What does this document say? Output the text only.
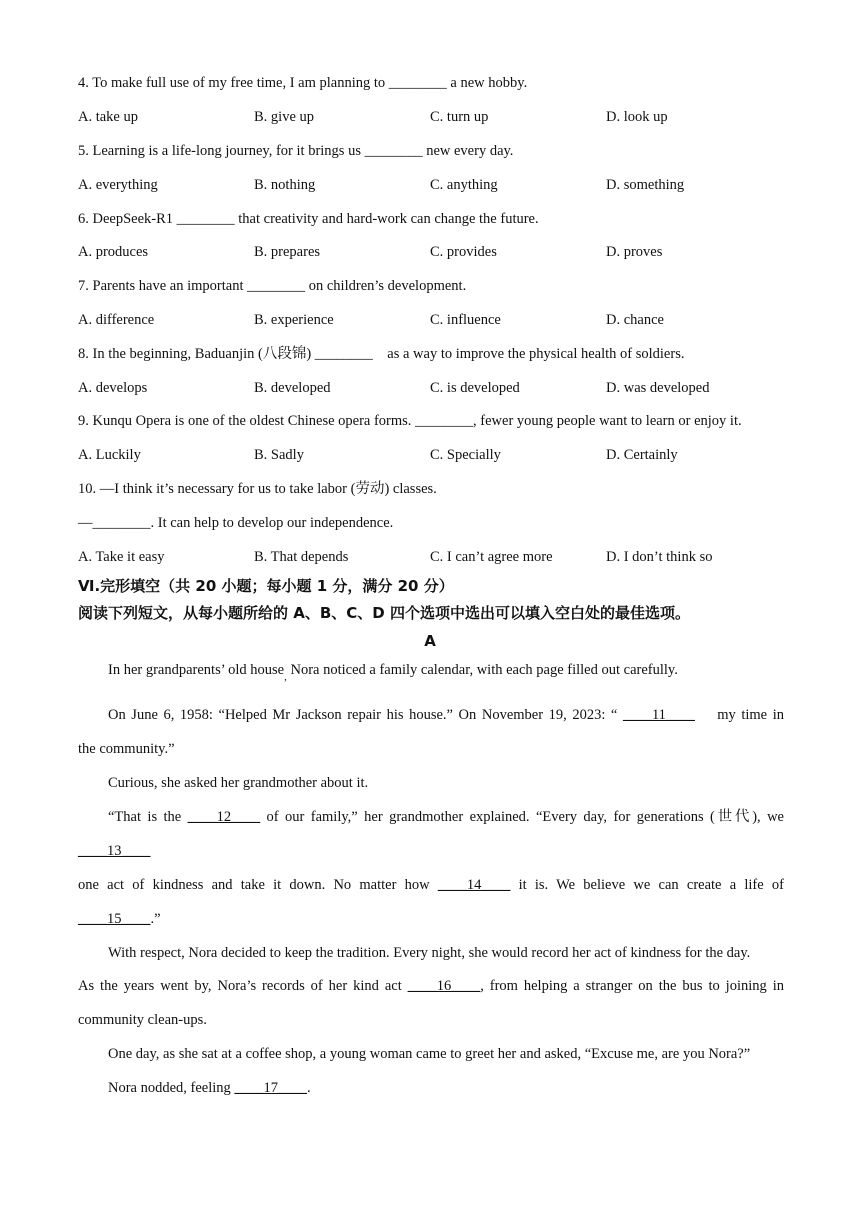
4. To make full use of my free time, I am planning to ________ a new hobby.
A. take up	B. give up	C. turn up	D. look up
5. Learning is a life-long journey, for it brings us ________ new every day.
A. everything	B. nothing	C. anything	D. something
6. DeepSeek-R1 ________ that creativity and hard-work can change the future.
A. produces	B. prepares	C. provides	D. proves
7. Parents have an important ________ on children’s development.
A. difference	B. experience	C. influence	D. chance
8. In the beginning, Baduanjin (八段锦) ________    as a way to improve the physical health of soldiers.
A. develops	B. developed	C. is developed	D. was developed
9. Kunqu Opera is one of the oldest Chinese opera forms. ________, fewer young people want to learn or enjoy it.
A. Luckily	B. Sadly	C. Specially	D. Certainly
10. —I think it’s necessary for us to take labor (劳动) classes.
—________. It can help to develop our independence.
A. Take it easy	B. That depends	C. I can’t agree more	D. I don’t think so
Ⅵ.完形填空（共 20 小题；每小题 1 分，满分 20 分）
阅读下列短文，从每小题所给的 A、B、C、D 四个选项中选出可以填入空白处的最佳选项。
A
In her grandparents’ old house, Nora noticed a family calendar, with each page filled out carefully.
On June 6, 1958: “Helped Mr Jackson repair his house.” On November 19, 2023: “ ____11____    my time in
the community.”
Curious, she asked her grandmother about it.
“That is the ____12____ of our family,” her grandmother explained. “Every day, for generations (世代), we
____13____
one act of kindness and take it down. No matter how ____14____ it is. We believe we can create a life of
____15____.”
With respect, Nora decided to keep the tradition. Every night, she would record her act of kindness for the day.
As the years went by, Nora’s records of her kind act ____16____, from helping a stranger on the bus to joining in
community clean-ups.
One day, as she sat at a coffee shop, a young woman came to greet her and asked, “Excuse me, are you Nora?”
Nora nodded, feeling ____17____.
